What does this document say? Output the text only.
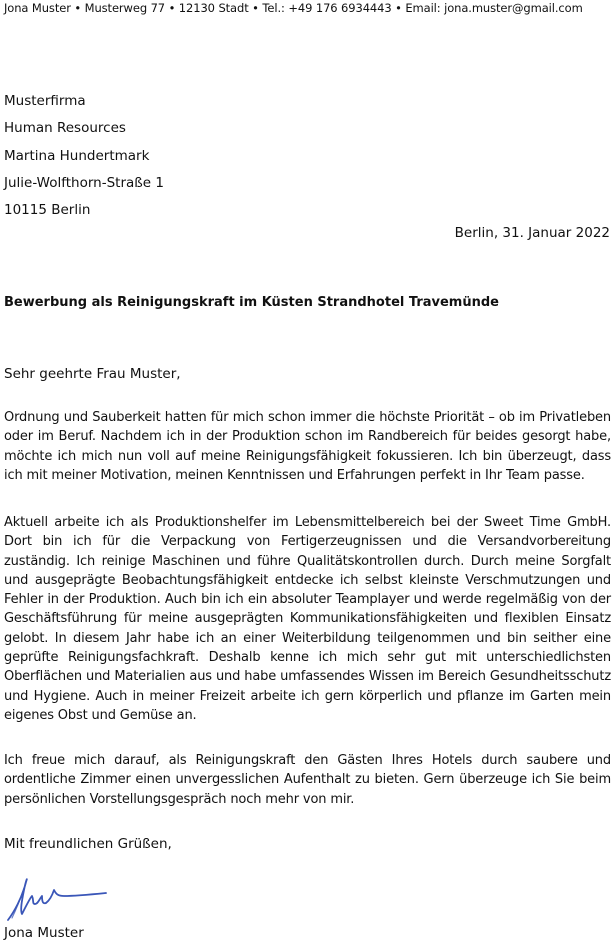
Jona Muster • Musterweg 77 • 12130 Stadt • Tel.: +49 176 6934443 • Email: jona.muster@gmail.com
Musterfirma
Human Resources
Martina Hundertmark
Julie-Wolfthorn-Straße 1
10115 Berlin
Berlin, 31. Januar 2022
Bewerbung als Reinigungskraft im Küsten Strandhotel Travemünde
Sehr geehrte Frau Muster,
Ordnung und Sauberkeit hatten für mich schon immer die höchste Priorität – ob im Privatleben oder im Beruf. Nachdem ich in der Produktion schon im Randbereich für beides gesorgt habe, möchte ich mich nun voll auf meine Reinigungsfähigkeit fokussieren. Ich bin überzeugt, dass ich mit meiner Motivation, meinen Kenntnissen und Erfahrungen perfekt in Ihr Team passe.
Aktuell arbeite ich als Produktionshelfer im Lebensmittelbereich bei der Sweet Time GmbH. Dort bin ich für die Verpackung von Fertigerzeugnissen und die Versandvorbereitung zuständig. Ich reinige Maschinen und führe Qualitätskontrollen durch. Durch meine Sorgfalt und ausgeprägte Beobachtungsfähigkeit entdecke ich selbst kleinste Verschmutzungen und Fehler in der Produktion. Auch bin ich ein absoluter Teamplayer und werde regelmäßig von der Geschäftsführung für meine ausgeprägten Kommunikationsfähigkeiten und flexiblen Einsatz gelobt. In diesem Jahr habe ich an einer Weiterbildung teilgenommen und bin seither eine geprüfte Reinigungsfachkraft. Deshalb kenne ich mich sehr gut mit unterschiedlichsten Oberflächen und Materialien aus und habe umfassendes Wissen im Bereich Gesundheitsschutz und Hygiene. Auch in meiner Freizeit arbeite ich gern körperlich und pflanze im Garten mein eigenes Obst und Gemüse an.
Ich freue mich darauf, als Reinigungskraft den Gästen Ihres Hotels durch saubere und ordentliche Zimmer einen unvergesslichen Aufenthalt zu bieten. Gern überzeuge ich Sie beim persönlichen Vorstellungsgespräch noch mehr von mir.
Mit freundlichen Grüßen,
Jona Muster
